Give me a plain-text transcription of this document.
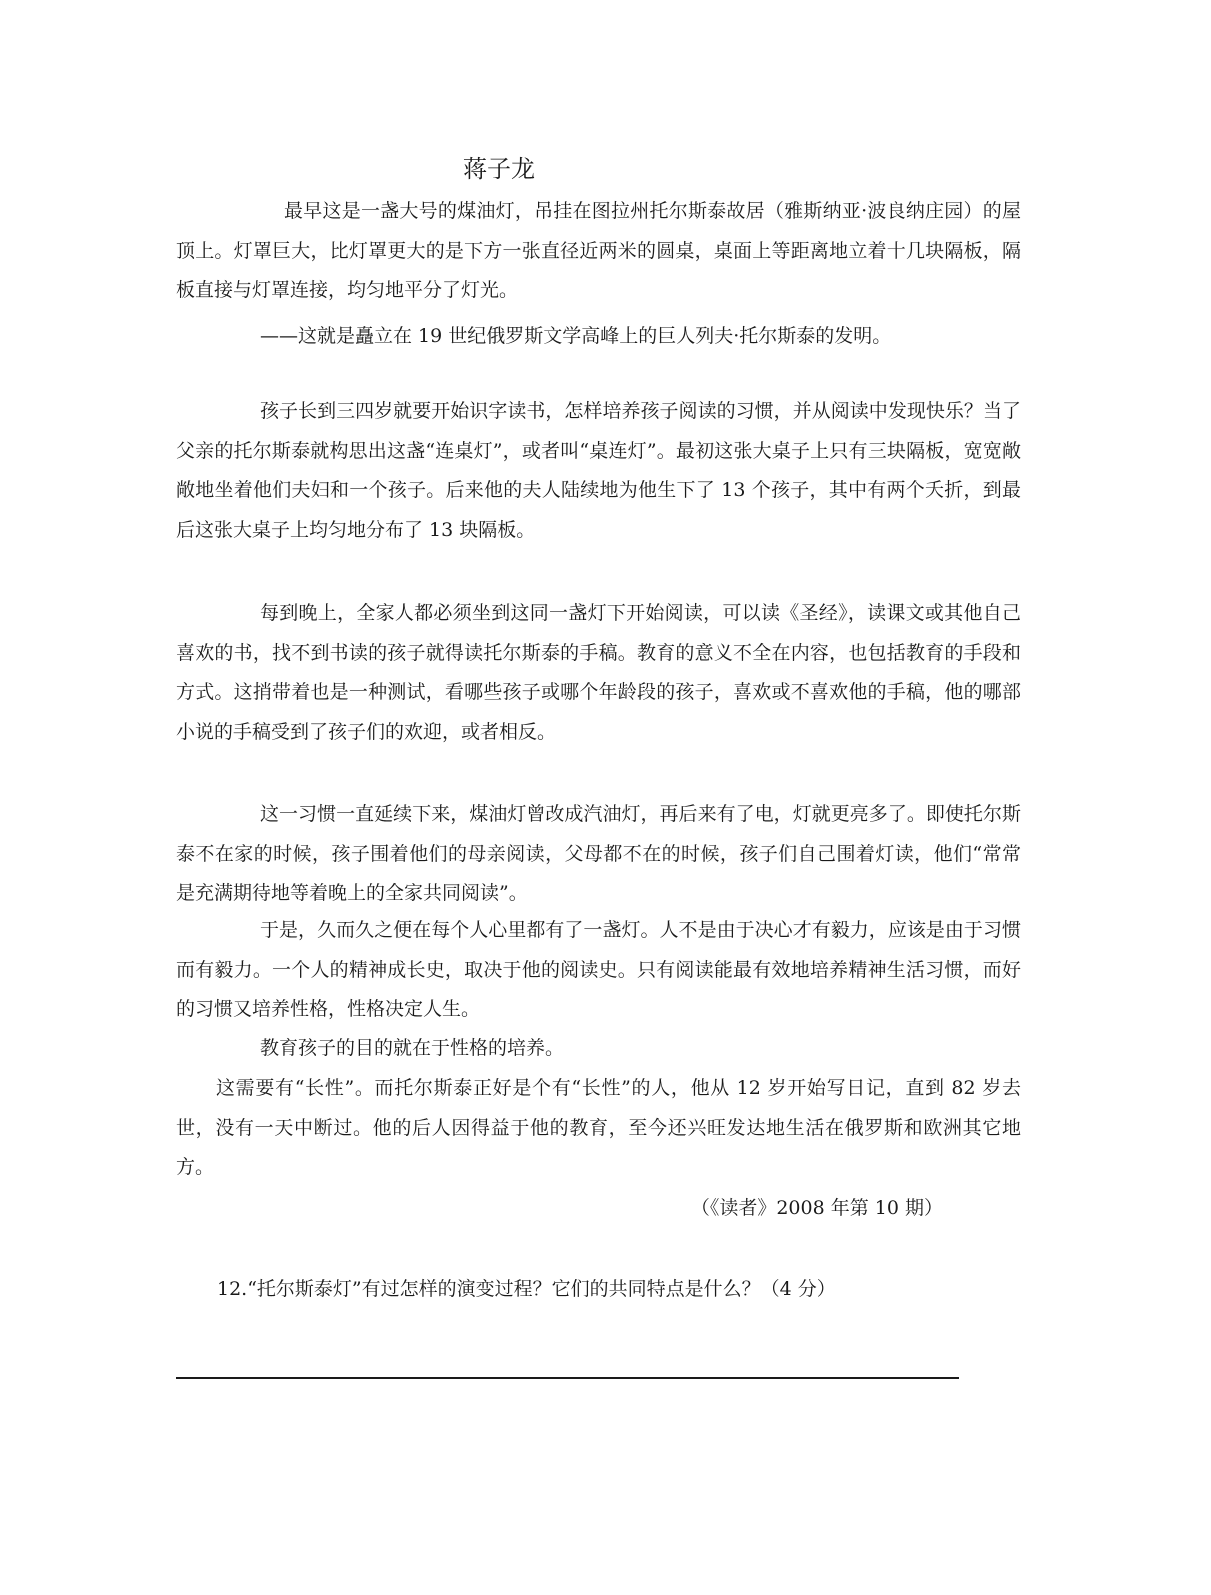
蒋子龙

最早这是一盏大号的煤油灯，吊挂在图拉州托尔斯泰故居（雅斯纳亚·波良纳庄园）的屋顶上。灯罩巨大，比灯罩更大的是下方一张直径近两米的圆桌，桌面上等距离地立着十几块隔板，隔板直接与灯罩连接，均匀地平分了灯光。

——这就是矗立在 19 世纪俄罗斯文学高峰上的巨人列夫·托尔斯泰的发明。

孩子长到三四岁就要开始识字读书，怎样培养孩子阅读的习惯，并从阅读中发现快乐？当了父亲的托尔斯泰就构思出这盏“连桌灯”，或者叫“桌连灯”。最初这张大桌子上只有三块隔板，宽宽敞敞地坐着他们夫妇和一个孩子。后来他的夫人陆续地为他生下了 13 个孩子，其中有两个夭折，到最后这张大桌子上均匀地分布了 13 块隔板。

每到晚上，全家人都必须坐到这同一盏灯下开始阅读，可以读《圣经》，读课文或其他自己喜欢的书，找不到书读的孩子就得读托尔斯泰的手稿。教育的意义不全在内容，也包括教育的手段和方式。这捎带着也是一种测试，看哪些孩子或哪个年龄段的孩子，喜欢或不喜欢他的手稿，他的哪部小说的手稿受到了孩子们的欢迎，或者相反。

这一习惯一直延续下来，煤油灯曾改成汽油灯，再后来有了电，灯就更亮多了。即使托尔斯泰不在家的时候，孩子围着他们的母亲阅读，父母都不在的时候，孩子们自己围着灯读，他们“常常是充满期待地等着晚上的全家共同阅读”。

于是，久而久之便在每个人心里都有了一盏灯。人不是由于决心才有毅力，应该是由于习惯而有毅力。一个人的精神成长史，取决于他的阅读史。只有阅读能最有效地培养精神生活习惯，而好的习惯又培养性格，性格决定人生。

教育孩子的目的就在于性格的培养。

这需要有“长性”。而托尔斯泰正好是个有“长性”的人，他从 12 岁开始写日记，直到 82 岁去世，没有一天中断过。他的后人因得益于他的教育，至今还兴旺发达地生活在俄罗斯和欧洲其它地方。

（《读者》2008 年第 10 期）
12.“托尔斯泰灯”有过怎样的演变过程？它们的共同特点是什么？（4 分）
